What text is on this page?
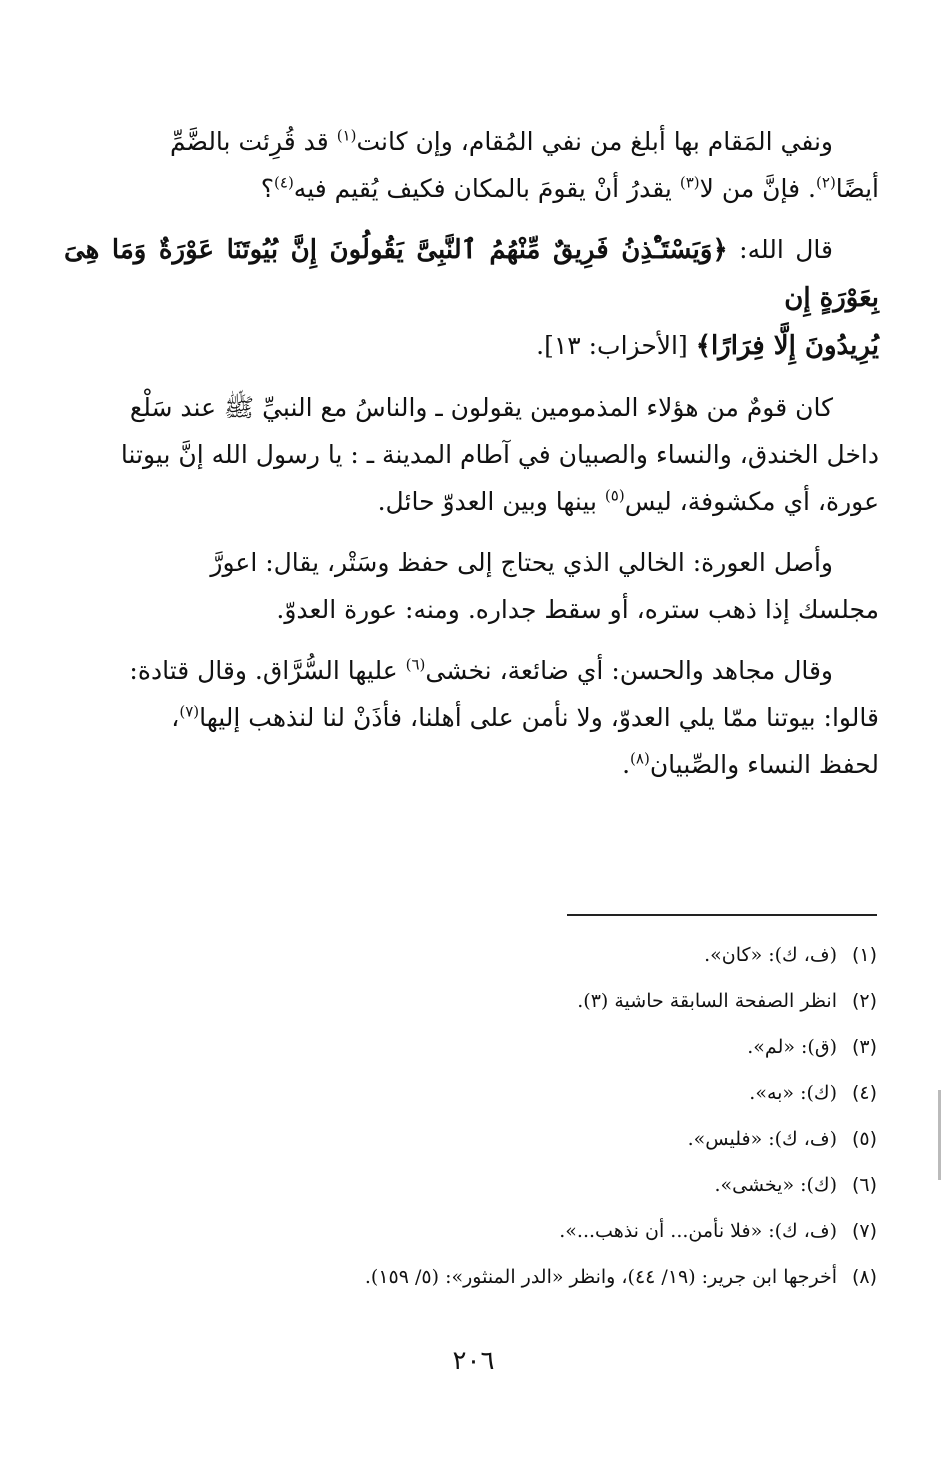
ونفي المَقام بها أبلغ من نفي المُقام، وإن كانت$^{(١)}$ قد قُرِئت بالضَّمِّ
أيضًا$^{(٢)}$. فإنَّ من لا$^{(٣)}$ يقدرُ أنْ يقومَ بالمكان فكيف يُقيم فيه$^{(٤)}$؟

قال الله: ﴿وَيَسْتَـْٔذِنُ فَرِيقٌ مِّنْهُمُ ٱلنَّبِىَّ يَقُولُونَ إِنَّ بُيُوتَنَا عَوْرَةٌ وَمَا هِىَ بِعَوْرَةٍ إِن
يُرِيدُونَ إِلَّا فِرَارًا﴾ [الأحزاب: ١٣].

كان قومٌ من هؤلاء المذمومين يقولون ـ والناسُ مع النبيِّ ﷺ عند سَلْع
داخل الخندق، والنساء والصبيان في آطام المدينة ـ : يا رسول الله إنَّ بيوتنا
عورة، أي مكشوفة، ليس$^{(٥)}$ بينها وبين العدوّ حائل.

وأصل العورة: الخالي الذي يحتاج إلى حفظ وسَتْر، يقال: اعورَّ
مجلسك إذا ذهب ستره، أو سقط جداره. ومنه: عورة العدوّ.

وقال مجاهد والحسن: أي ضائعة، نخشى$^{(٦)}$ عليها السُّرَّاق. وقال قتادة:
قالوا: بيوتنا ممّا يلي العدوّ، ولا نأمن على أهلنا، فأذَنْ لنا لنذهب إليها$^{(٧)}$،
لحفظ النساء والصِّبيان$^{(٨)}$.

(١)(ف، ك): «كان».
(٢)انظر الصفحة السابقة حاشية (٣).
(٣)(ق): «لم».
(٤)(ك): «به».
(٥)(ف، ك): «فليس».
(٦)(ك): «يخشى».
(٧)(ف، ك): «فلا نأمن... أن نذهب...».
(٨)أخرجها ابن جرير: (١٩/ ٤٤)، وانظر «الدر المنثور»: (٥/ ١٥٩).
٢٠٦
